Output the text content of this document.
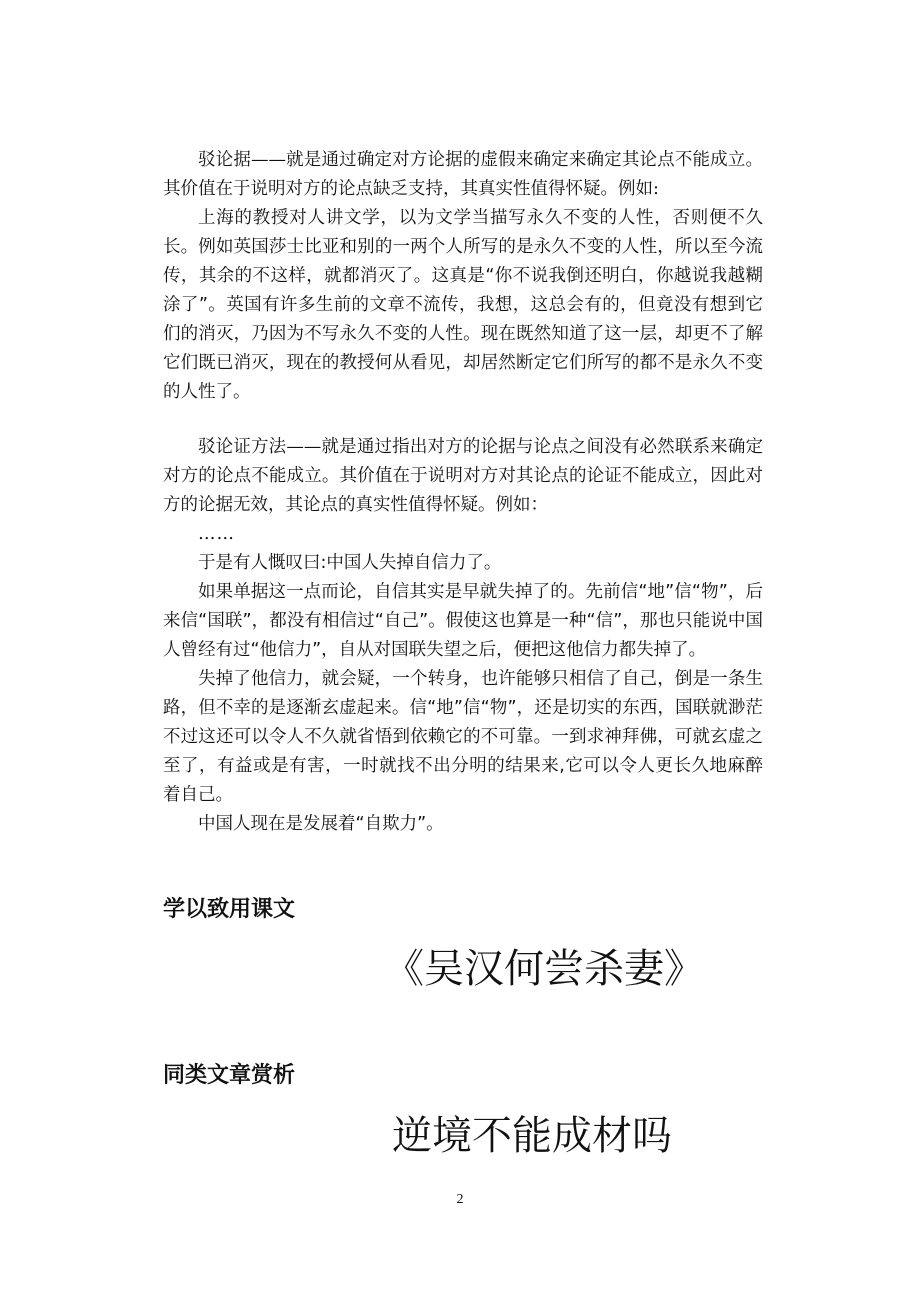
驳论据——就是通过确定对方论据的虚假来确定来确定其论点不能成立。其价值在于说明对方的论点缺乏支持，其真实性值得怀疑。例如:

上海的教授对人讲文学，以为文学当描写永久不变的人性，否则便不久长。例如英国莎士比亚和别的一两个人所写的是永久不变的人性，所以至今流传，其余的不这样，就都消灭了。这真是“你不说我倒还明白，你越说我越糊涂了”。英国有许多生前的文章不流传，我想，这总会有的，但竟没有想到它们的消灭，乃因为不写永久不变的人性。现在既然知道了这一层，却更不了解它们既已消灭，现在的教授何从看见，却居然断定它们所写的都不是永久不变的人性了。

驳论证方法——就是通过指出对方的论据与论点之间没有必然联系来确定对方的论点不能成立。其价值在于说明对方对其论点的论证不能成立，因此对方的论据无效，其论点的真实性值得怀疑。例如：

……

于是有人慨叹曰:中国人失掉自信力了。

如果单据这一点而论，自信其实是早就失掉了的。先前信“地”信“物”，后来信“国联”，都没有相信过“自己”。假使这也算是一种“信”，那也只能说中国人曾经有过“他信力”，自从对国联失望之后，便把这他信力都失掉了。

失掉了他信力，就会疑，一个转身，也许能够只相信了自己，倒是一条生路，但不幸的是逐渐玄虚起来。信“地”信“物”，还是切实的东西，国联就渺茫不过这还可以令人不久就省悟到依赖它的不可靠。一到求神拜佛，可就玄虚之至了，有益或是有害，一时就找不出分明的结果来,它可以令人更长久地麻醉着自己。

中国人现在是发展着“自欺力”。

学以致用课文
《吴汉何尝杀妻》
同类文章赏析
逆境不能成材吗

2
